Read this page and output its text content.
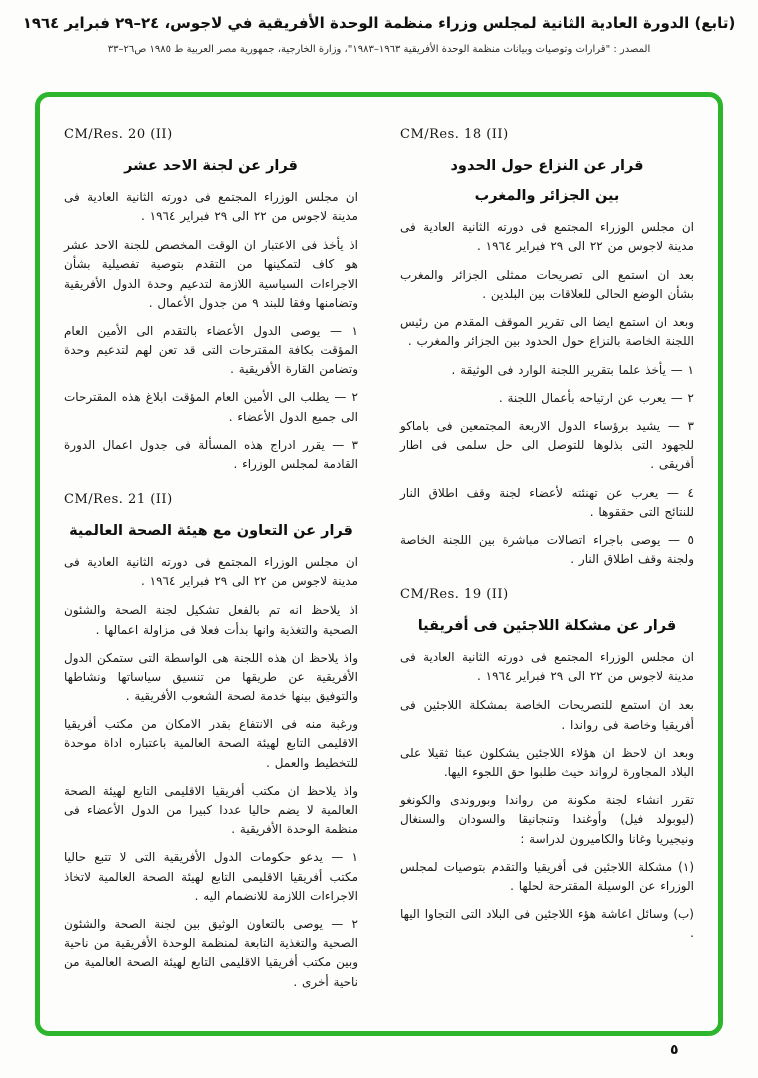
(تابع) الدورة العادية الثانية لمجلس وزراء منظمة الوحدة الأفريقية في لاجوس، ٢٤–٢٩ فبراير ١٩٦٤
المصدر : "قرارات وتوصيات وبيانات منظمة الوحدة الأفريقية ١٩٦٣–١٩٨٣"، وزارة الخارجية، جمهورية مصر العربية ط ١٩٨٥ ص٢٦–٣٣
CM/Res. 20 (II)
قرار عن لجنة الاحد عشر

ان مجلس الوزراء المجتمع فى دورته الثانية العادية فى مدينة لاجوس من ٢٢ الى ٢٩ فبراير ١٩٦٤ .

اذ يأخذ فى الاعتبار ان الوقت المخصص للجنة الاحد عشر هو كاف لتمكينها من التقدم بتوصية تفصيلية بشأن الاجراءات السياسية اللازمة لتدعيم وحدة الدول الأفريقية وتضامنها وفقا للبند ٩ من جدول الأعمال .

١ — يوصى الدول الأعضاء بالتقدم الى الأمين العام المؤقت بكافة المقترحات التى قد تعن لهم لتدعيم وحدة وتضامن القارة الأفريقية .

٢ — يطلب الى الأمين العام المؤقت ابلاغ هذه المقترحات الى جميع الدول الأعضاء .

٣ — يقرر ادراج هذه المسألة فى جدول اعمال الدورة القادمة لمجلس الوزراء .

CM/Res. 21 (II)
قرار عن التعاون مع هيئة الصحة العالمية

ان مجلس الوزراء المجتمع فى دورته الثانية العادية فى مدينة لاجوس من ٢٢ الى ٢٩ فبراير ١٩٦٤ .

اذ يلاحظ انه تم بالفعل تشكيل لجنة الصحة والشئون الصحية والتغذية وانها بدأت فعلا فى مزاولة اعمالها .

واذ يلاحظ ان هذه اللجنة هى الواسطة التى ستمكن الدول الأفريقية عن طريقها من تنسيق سياساتها ونشاطها والتوفيق بينها خدمة لصحة الشعوب الأفريقية .

ورغبة منه فى الانتفاع بقدر الامكان من مكتب أفريقيا الاقليمى التابع لهيئة الصحة العالمية باعتباره اداة موحدة للتخطيط والعمل .

واذ يلاحظ ان مكتب أفريقيا الاقليمى التابع لهيئة الصحة العالمية لا يضم حاليا عددا كبيرا من الدول الأعضاء فى منظمة الوحدة الأفريقية .

١ — يدعو حكومات الدول الأفريقية التى لا تتبع حاليا مكتب أفريقيا الاقليمى التابع لهيئة الصحة العالمية لاتخاذ الاجراءات اللازمة للانضمام اليه .

٢ — يوصى بالتعاون الوثيق بين لجنة الصحة والشئون الصحية والتغذية التابعة لمنظمة الوحدة الأفريقية من ناحية وبين مكتب أفريقيا الاقليمى التابع لهيئة الصحة العالمية من ناحية أخرى .

CM/Res. 18 (II)
قرار عن النزاع حول الحدود
بين الجزائر والمغرب

ان مجلس الوزراء المجتمع فى دورته الثانية العادية فى مدينة لاجوس من ٢٢ الى ٢٩ فبراير ١٩٦٤ .

بعد ان استمع الى تصريحات ممثلى الجزائر والمغرب بشأن الوضع الحالى للعلاقات بين البلدين .

وبعد ان استمع ايضا الى تقرير الموقف المقدم من رئيس اللجنة الخاصة بالنزاع حول الحدود بين الجزائر والمغرب .

١ — يأخذ علما بتقرير اللجنة الوارد فى الوثيقة .

٢ — يعرب عن ارتياحه بأعمال اللجنة .

٣ — يشيد برؤساء الدول الاربعة المجتمعين فى باماكو للجهود التى بذلوها للتوصل الى حل سلمى فى اطار أفريقى .

٤ — يعرب عن تهنئته لأعضاء لجنة وقف اطلاق النار للنتائج التى حققوها .

٥ — يوصى باجراء اتصالات مباشرة بين اللجنة الخاصة ولجنة وقف اطلاق النار .

CM/Res. 19 (II)
قرار عن مشكلة اللاجئين فى أفريقيا

ان مجلس الوزراء المجتمع فى دورته الثانية العادية فى مدينة لاجوس من ٢٢ الى ٢٩ فبراير ١٩٦٤ .

بعد ان استمع للتصريحات الخاصة بمشكلة اللاجئين فى أفريقيا وخاصة فى رواندا .

وبعد ان لاحظ ان هؤلاء اللاجئين يشكلون عبئا ثقيلا على البلاد المجاورة لرواند حيث طلبوا حق اللجوء اليها.

تقرر انشاء لجنة مكونة من رواندا وبوروندى والكونغو (ليوبولد فيل) وأوغندا وتنجانيقا والسودان والسنغال ونيجيريا وغانا والكاميرون لدراسة :

(١) مشكلة اللاجئين فى أفريقيا والتقدم بتوصيات لمجلس الوزراء عن الوسيلة المقترحة لحلها .

(ب) وسائل اعاشة هؤء اللاجئين فى البلاد التى التجاوا اليها .

٥
